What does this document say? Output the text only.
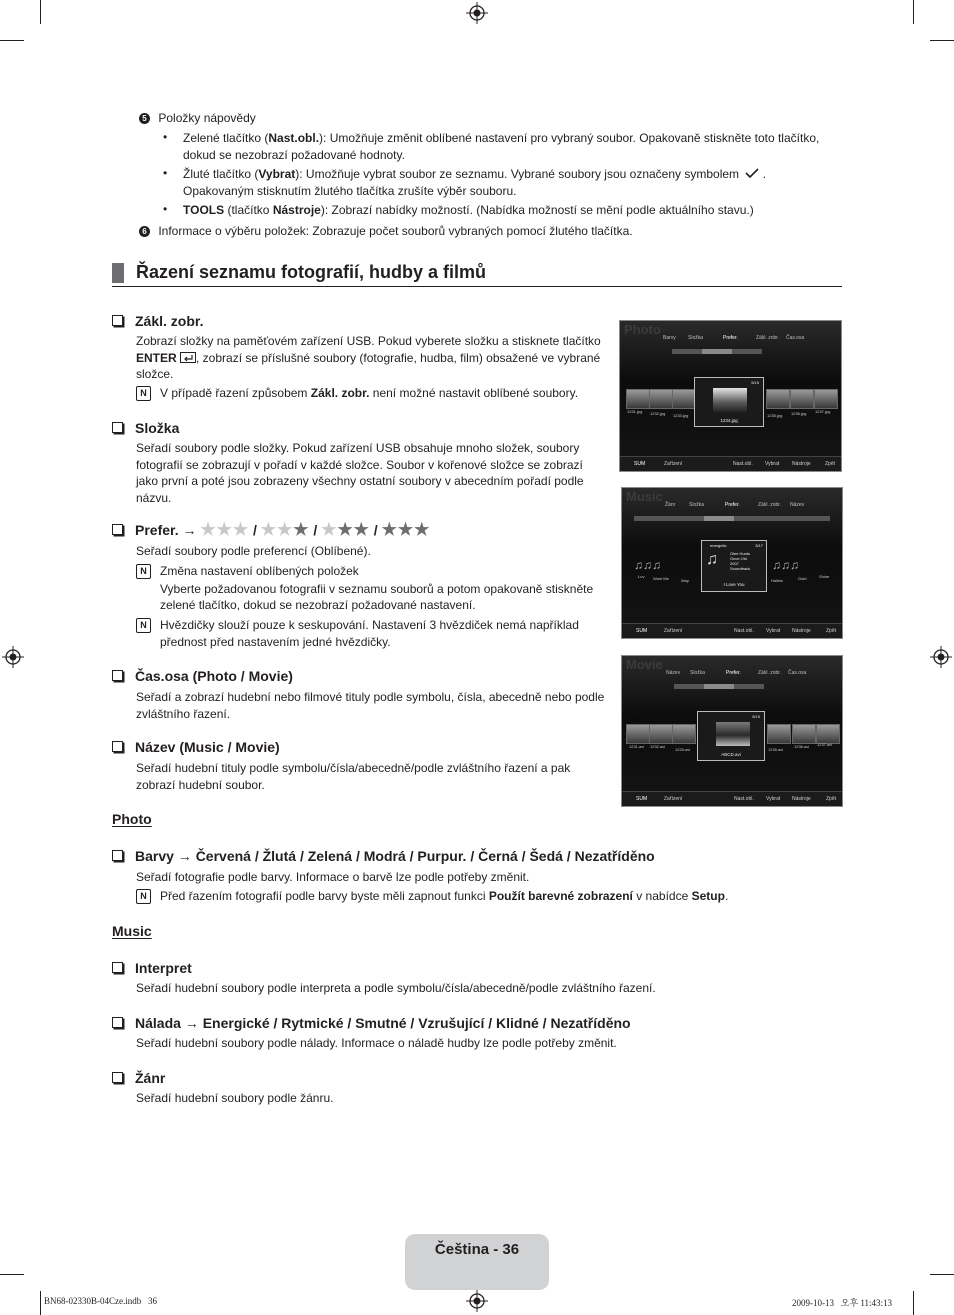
5 Položky nápovědy
• Zelené tlačítko (Nast.obl.): Umožňuje změnit oblíbené nastavení pro vybraný soubor. Opakovaně stiskněte toto tlačítko,
dokud se nezobrazí požadované hodnoty.
• Žluté tlačítko (Vybrat): Umožňuje vybrat soubor ze seznamu. Vybrané soubory jsou označeny symbolem  .
Opakovaným stisknutím žlutého tlačítka zrušíte výběr souboru.
• TOOLS (tlačítko Nástroje): Zobrazí nabídky možností. (Nabídka možností se mění podle aktuálního stavu.)
6 Informace o výběru položek: Zobrazuje počet souborů vybraných pomocí žlutého tlačítka.
Řazení seznamu fotografií, hudby a filmů
Zákl. zobr.
Zobrazí složky na paměťovém zařízení USB. Pokud vyberete složku a stisknete tlačítko
ENTER , zobrazí se příslušné soubory (fotografie, hudba, film) obsažené ve vybrané
složce.
N	V případě řazení způsobem Zákl. zobr. není možné nastavit oblíbené soubory.
Složka
Seřadí soubory podle složky. Pokud zařízení USB obsahuje mnoho složek, soubory
fotografií se zobrazují v pořadí v každé složce. Soubor v kořenové složce se zobrazí
jako první a poté jsou zobrazeny všechny ostatní soubory v abecedním pořadí podle
názvu.
Prefer. → ★★★ / ★★★ / ★★★ / ★★★
Seřadí soubory podle preferencí (Oblíbené).
N	Změna nastavení oblíbených položek
Vyberte požadovanou fotografii v seznamu souborů a potom opakovaně stiskněte
zelené tlačítko, dokud se nezobrazí požadované nastavení.
N	Hvězdičky slouží pouze k seskupování. Nastavení 3 hvězdiček nemá například
přednost před nastavením jedné hvězdičky.
Čas.osa (Photo / Movie)
Seřadí a zobrazí hudební nebo filmové tituly podle symbolu, čísla, abecedně nebo podle
zvláštního řazení.
Název (Music / Movie)
Seřadí hudební tituly podle symbolu/čísla/abecedně/podle zvláštního řazení a pak
zobrazí hudební soubor.
Photo
Barvy → Červená / Žlutá / Zelená / Modrá / Purpur. / Černá / Šedá / Nezatříděno
Seřadí fotografie podle barvy. Informace o barvě lze podle potřeby změnit.
N	Před řazením fotografií podle barvy byste měli zapnout funkci Použít barevné zobrazení v nabídce Setup.
Music
Interpret
Seřadí hudební soubory podle interpreta a podle symbolu/čísla/abecedně/podle zvláštního řazení.
Nálada → Energické / Rytmické / Smutné / Vzrušující / Klidné / Nezatříděno
Seřadí hudební soubory podle nálady. Informace o náladě hudby lze podle potřeby změnit.
Žánr
Seřadí hudební soubory podle žánru.
Photo
Barvy Složka	Prefer.	Zákl. zobr. Čas.osa
1231.jpg 1232.jpg 1233.jpg	1235.jpg 1236.jpg 1237.jpg
5/15
1234.jpg
SUM	Zařízení	Nast.obl. Vybrat	Nástroje	Zpět
Music
Žánr	Složka	Prefer.	Zákl. zobr. Název
♫♫♫	♫♫♫
Luv Want Me	Way	Hallelu	Gold	Shine
♫
3/17
energetic
Glee Hunts
Once Old
2007
Soundtrack
I Love You
SUM	Zařízení	Nast.obl. Vybrat Nástroje	Zpět
Movie
Název Složka	Prefer.	Zákl. zobr. Čas.osa
1231.avi 1232.avi
1233.avi	1235.avi
1236.avi 1237.avi
5/15
ABCD.avi
SUM	Zařízení	Nast.obl. Vybrat Nástroje	Zpět
Čeština - 36
BN68-02330B-04Cze.indb   36	2009-10-13   오후 11:43:13
